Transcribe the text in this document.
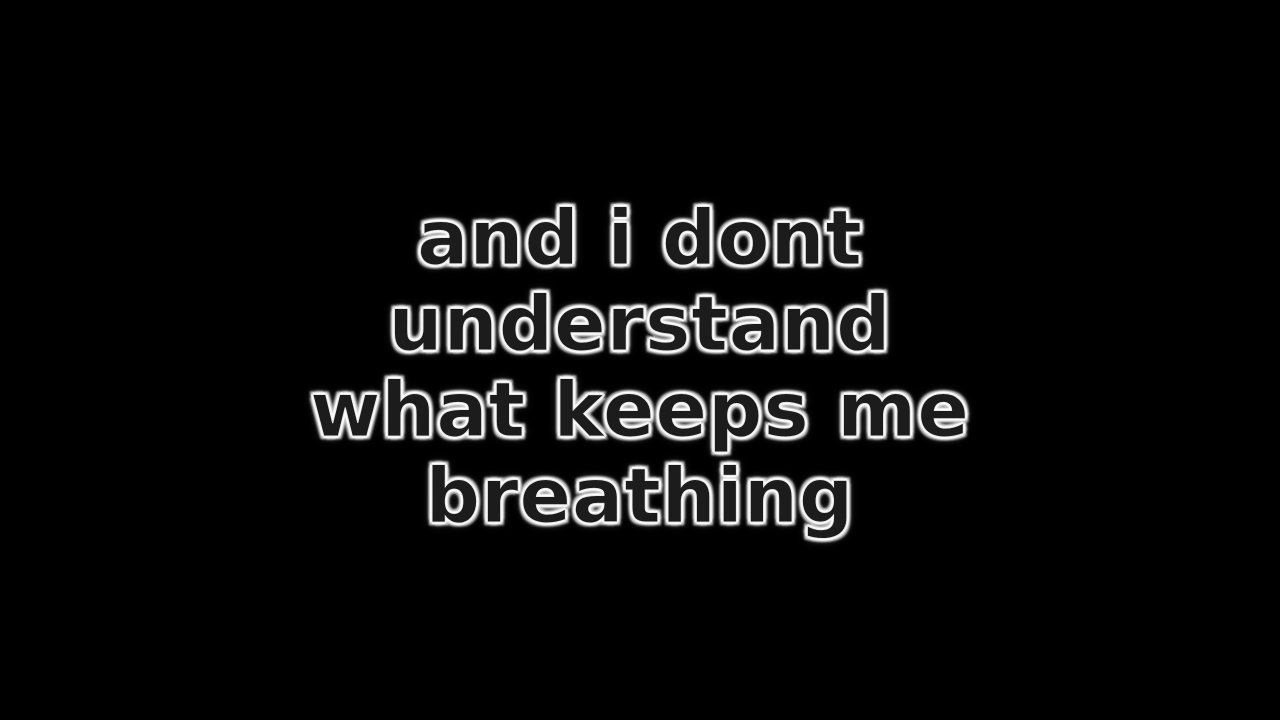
and i dont
understand
what keeps me
breathing
